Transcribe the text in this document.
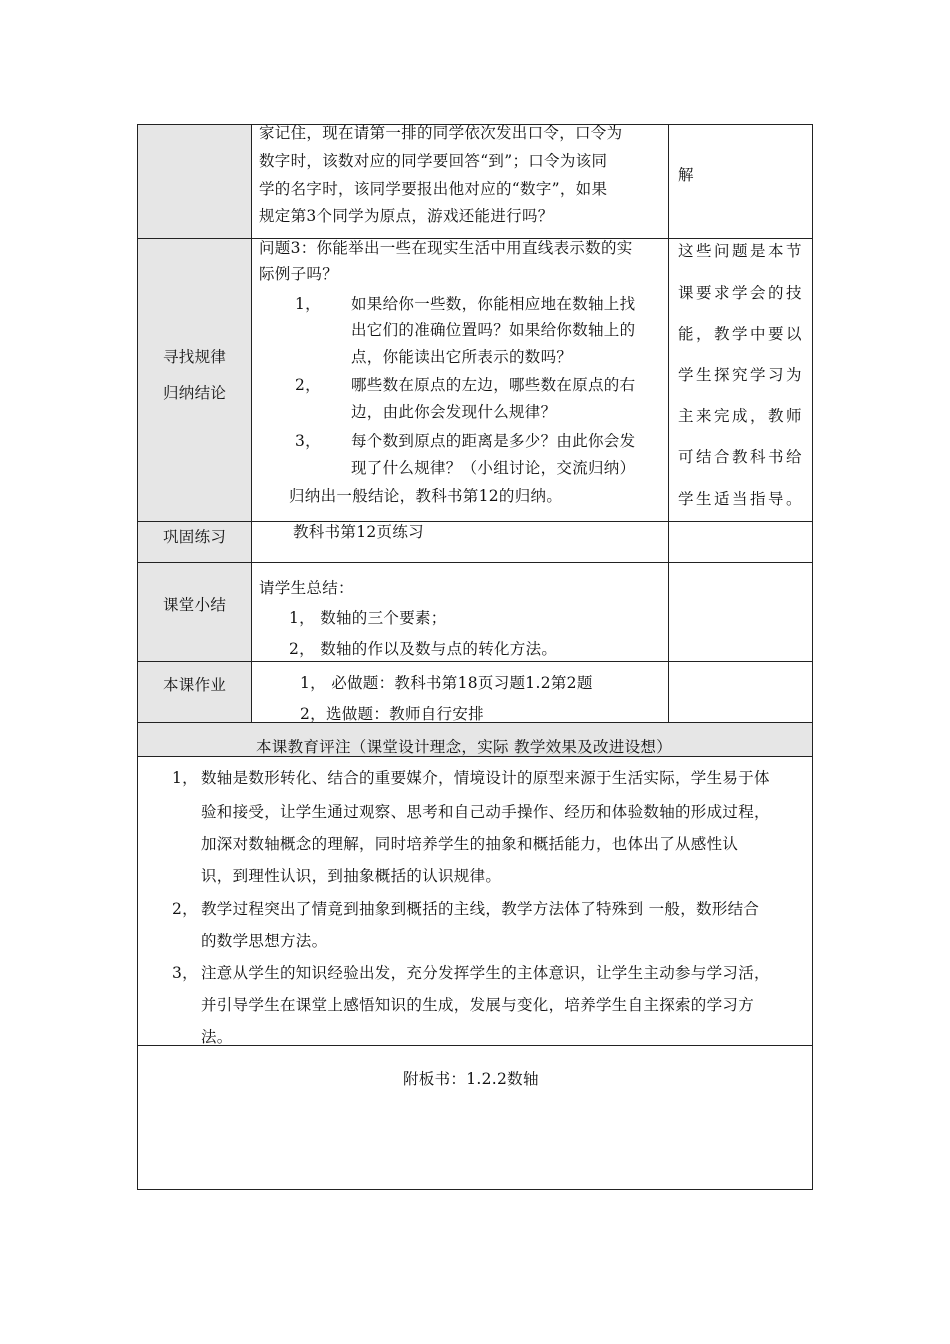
家记住，现在请第一排的同学依次发出口令，口令为
数字时，该数对应的同学要回答“到”；口令为该同
学的名字时，该同学要报出他对应的“数字”，如果
规定第3个同学为原点，游戏还能进行吗？
解
寻找规律
归纳结论
问题3：你能举出一些在现实生活中用直线表示数的实
际例子吗？
1， 如果给你一些数，你能相应地在数轴上找
出它们的准确位置吗？如果给你数轴上的
点，你能读出它所表示的数吗？
2， 哪些数在原点的左边，哪些数在原点的右
边，由此你会发现什么规律？
3， 每个数到原点的距离是多少？由此你会发
现了什么规律？（小组讨论，交流归纳）
归纳出一般结论，教科书第12的归纳。
这些问题是本节
课要求学会的技
能，教学中要以
学生探究学习为
主来完成，教师
可结合教科书给
学生适当指导。
巩固练习	教科书第12页练习
课堂小结
请学生总结：
1， 数轴的三个要素；
2， 数轴的作以及数与点的转化方法。
本课作业	1， 必做题：教科书第18页习题1.2第2题
2，选做题：教师自行安排
本课教育评注（课堂设计理念，实际 教学效果及改进设想）
1， 数轴是数形转化、结合的重要媒介，情境设计的原型来源于生活实际，学生易于体
验和接受，让学生通过观察、思考和自己动手操作、经历和体验数轴的形成过程，
加深对数轴概念的理解，同时培养学生的抽象和概括能力，也体出了从感性认
识，到理性认识，到抽象概括的认识规律。
2， 教学过程突出了情竟到抽象到概括的主线，教学方法体了特殊到 一般，数形结合
的数学思想方法。
3， 注意从学生的知识经验出发，充分发挥学生的主体意识，让学生主动参与学习活，
并引导学生在课堂上感悟知识的生成，发展与变化，培养学生自主探索的学习方
法。
附板书：1.2.2数轴
